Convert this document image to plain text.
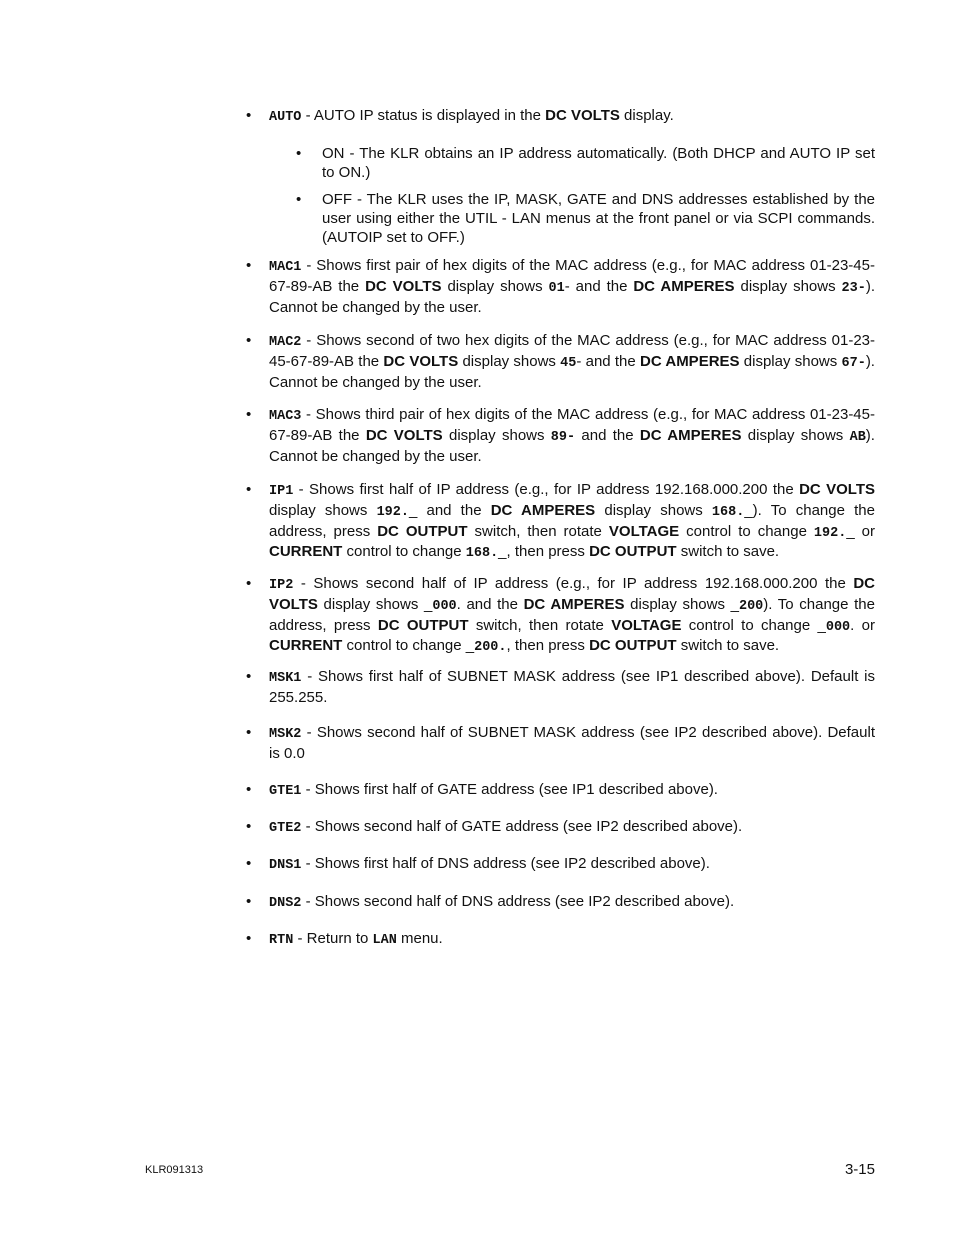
• AUTO - AUTO IP status is displayed in the DC VOLTS display.
• ON - The KLR obtains an IP address automatically. (Both DHCP and AUTO IP set to ON.)
• OFF - The KLR uses the IP, MASK, GATE and DNS addresses established by the user using either the UTIL - LAN menus at the front panel or via SCPI commands. (AUTOIP set to OFF.)
• MAC1 - Shows first pair of hex digits of the MAC address (e.g., for MAC address 01-23-45-67-89-AB the DC VOLTS display shows 01- and the DC AMPERES display shows 23-). Cannot be changed by the user.
• MAC2 - Shows second of two hex digits of the MAC address (e.g., for MAC address 01-23-45-67-89-AB the DC VOLTS display shows 45- and the DC AMPERES display shows 67-). Cannot be changed by the user.
• MAC3 - Shows third pair of hex digits of the MAC address (e.g., for MAC address 01-23-45-67-89-AB the DC VOLTS display shows 89- and the DC AMPERES display shows AB). Cannot be changed by the user.
• IP1 - Shows first half of IP address (e.g., for IP address 192.168.000.200 the DC VOLTS display shows 192._ and the DC AMPERES display shows 168._). To change the address, press DC OUTPUT switch, then rotate VOLTAGE control to change 192._ or CURRENT control to change 168._, then press DC OUTPUT switch to save.
• IP2 - Shows second half of IP address (e.g., for IP address 192.168.000.200 the DC VOLTS display shows _000. and the DC AMPERES display shows _200). To change the address, press DC OUTPUT switch, then rotate VOLTAGE control to change _000. or CURRENT control to change _200., then press DC OUTPUT switch to save.
• MSK1 - Shows first half of SUBNET MASK address (see IP1 described above). Default is 255.255.
• MSK2 - Shows second half of SUBNET MASK address (see IP2 described above). Default is 0.0
• GTE1 - Shows first half of GATE address (see IP1 described above).
• GTE2 - Shows second half of GATE address (see IP2 described above).
• DNS1 - Shows first half of DNS address (see IP2 described above).
• DNS2 - Shows second half of DNS address (see IP2 described above).
• RTN - Return to LAN menu.
KLR091313	3-15
